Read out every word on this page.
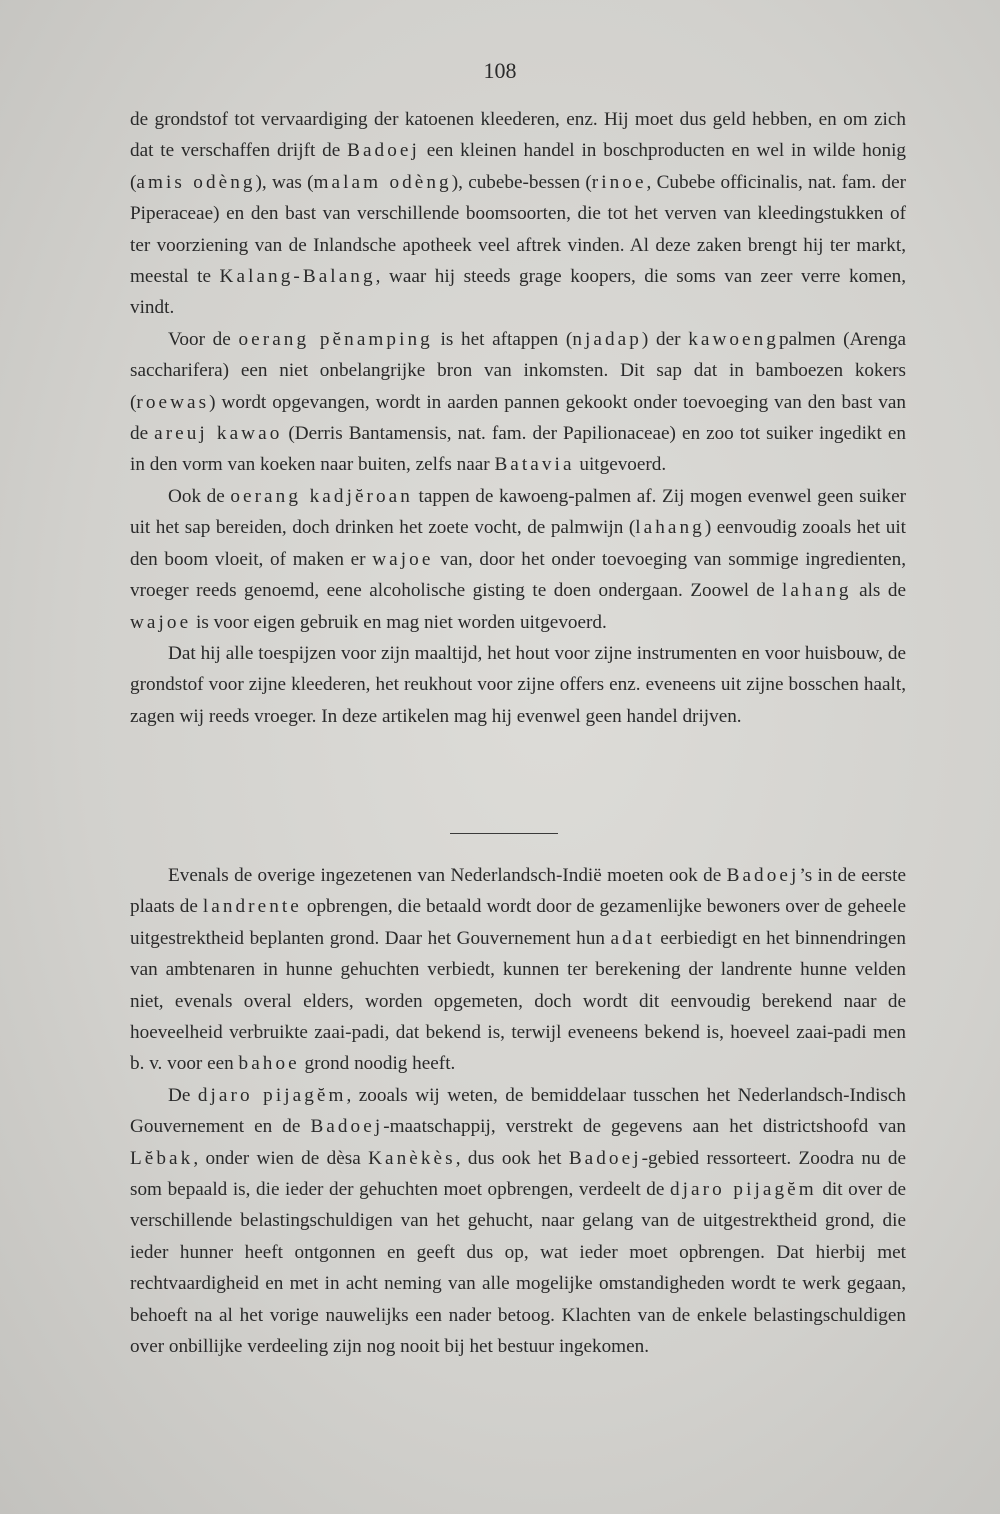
108

de grondstof tot vervaardiging der katoenen kleederen, enz. Hij moet dus geld hebben, en om zich dat te verschaffen drijft de Badoej een kleinen handel in boschproducten en wel in wilde honig (amis odèng), was (malam odèng), cubebe-bessen (rinoe, Cubebe officinalis, nat. fam. der Piperaceae) en den bast van verschillende boomsoorten, die tot het verven van kleedingstukken of ter voorziening van de Inlandsche apotheek veel aftrek vinden. Al deze zaken brengt hij ter markt, meestal te Kalang-Balang, waar hij steeds grage koopers, die soms van zeer verre komen, vindt.

Voor de oerang pĕnamping is het aftappen (njadap) der kawoengpalmen (Arenga saccharifera) een niet onbelangrijke bron van inkomsten. Dit sap dat in bamboezen kokers (roewas) wordt opgevangen, wordt in aarden pannen gekookt onder toevoeging van den bast van de areuj kawao (Derris Bantamensis, nat. fam. der Papilionaceae) en zoo tot suiker ingedikt en in den vorm van koeken naar buiten, zelfs naar Batavia uitgevoerd.

Ook de oerang kadjĕroan tappen de kawoeng-palmen af. Zij mogen evenwel geen suiker uit het sap bereiden, doch drinken het zoete vocht, de palmwijn (lahang) eenvoudig zooals het uit den boom vloeit, of maken er wajoe van, door het onder toevoeging van sommige ingredienten, vroeger reeds genoemd, eene alcoholische gisting te doen ondergaan. Zoowel de lahang als de wajoe is voor eigen gebruik en mag niet worden uitgevoerd.

Dat hij alle toespijzen voor zijn maaltijd, het hout voor zijne instrumenten en voor huisbouw, de grondstof voor zijne kleederen, het reukhout voor zijne offers enz. eveneens uit zijne bosschen haalt, zagen wij reeds vroeger. In deze artikelen mag hij evenwel geen handel drijven.

Evenals de overige ingezetenen van Nederlandsch-Indië moeten ook de Badoej’s in de eerste plaats de landrente opbrengen, die betaald wordt door de gezamenlijke bewoners over de geheele uitgestrektheid beplanten grond. Daar het Gouvernement hun adat eerbiedigt en het binnendringen van ambtenaren in hunne gehuchten verbiedt, kunnen ter berekening der landrente hunne velden niet, evenals overal elders, worden opgemeten, doch wordt dit eenvoudig berekend naar de hoeveelheid verbruikte zaai-padi, dat bekend is, terwijl eveneens bekend is, hoeveel zaai-padi men b. v. voor een bahoe grond noodig heeft.

De djaro pijagĕm, zooals wij weten, de bemiddelaar tusschen het Nederlandsch-Indisch Gouvernement en de Badoej-maatschappij, verstrekt de gegevens aan het districtshoofd van Lĕbak, onder wien de dèsa Kanèkès, dus ook het Badoej-gebied ressorteert. Zoodra nu de som bepaald is, die ieder der gehuchten moet opbrengen, verdeelt de djaro pijagĕm dit over de verschillende belastingschuldigen van het gehucht, naar gelang van de uitgestrektheid grond, die ieder hunner heeft ontgonnen en geeft dus op, wat ieder moet opbrengen. Dat hierbij met rechtvaardigheid en met in acht neming van alle mogelijke omstandigheden wordt te werk gegaan, behoeft na al het vorige nauwelijks een nader betoog. Klachten van de enkele belastingschuldigen over onbillijke verdeeling zijn nog nooit bij het bestuur ingekomen.
